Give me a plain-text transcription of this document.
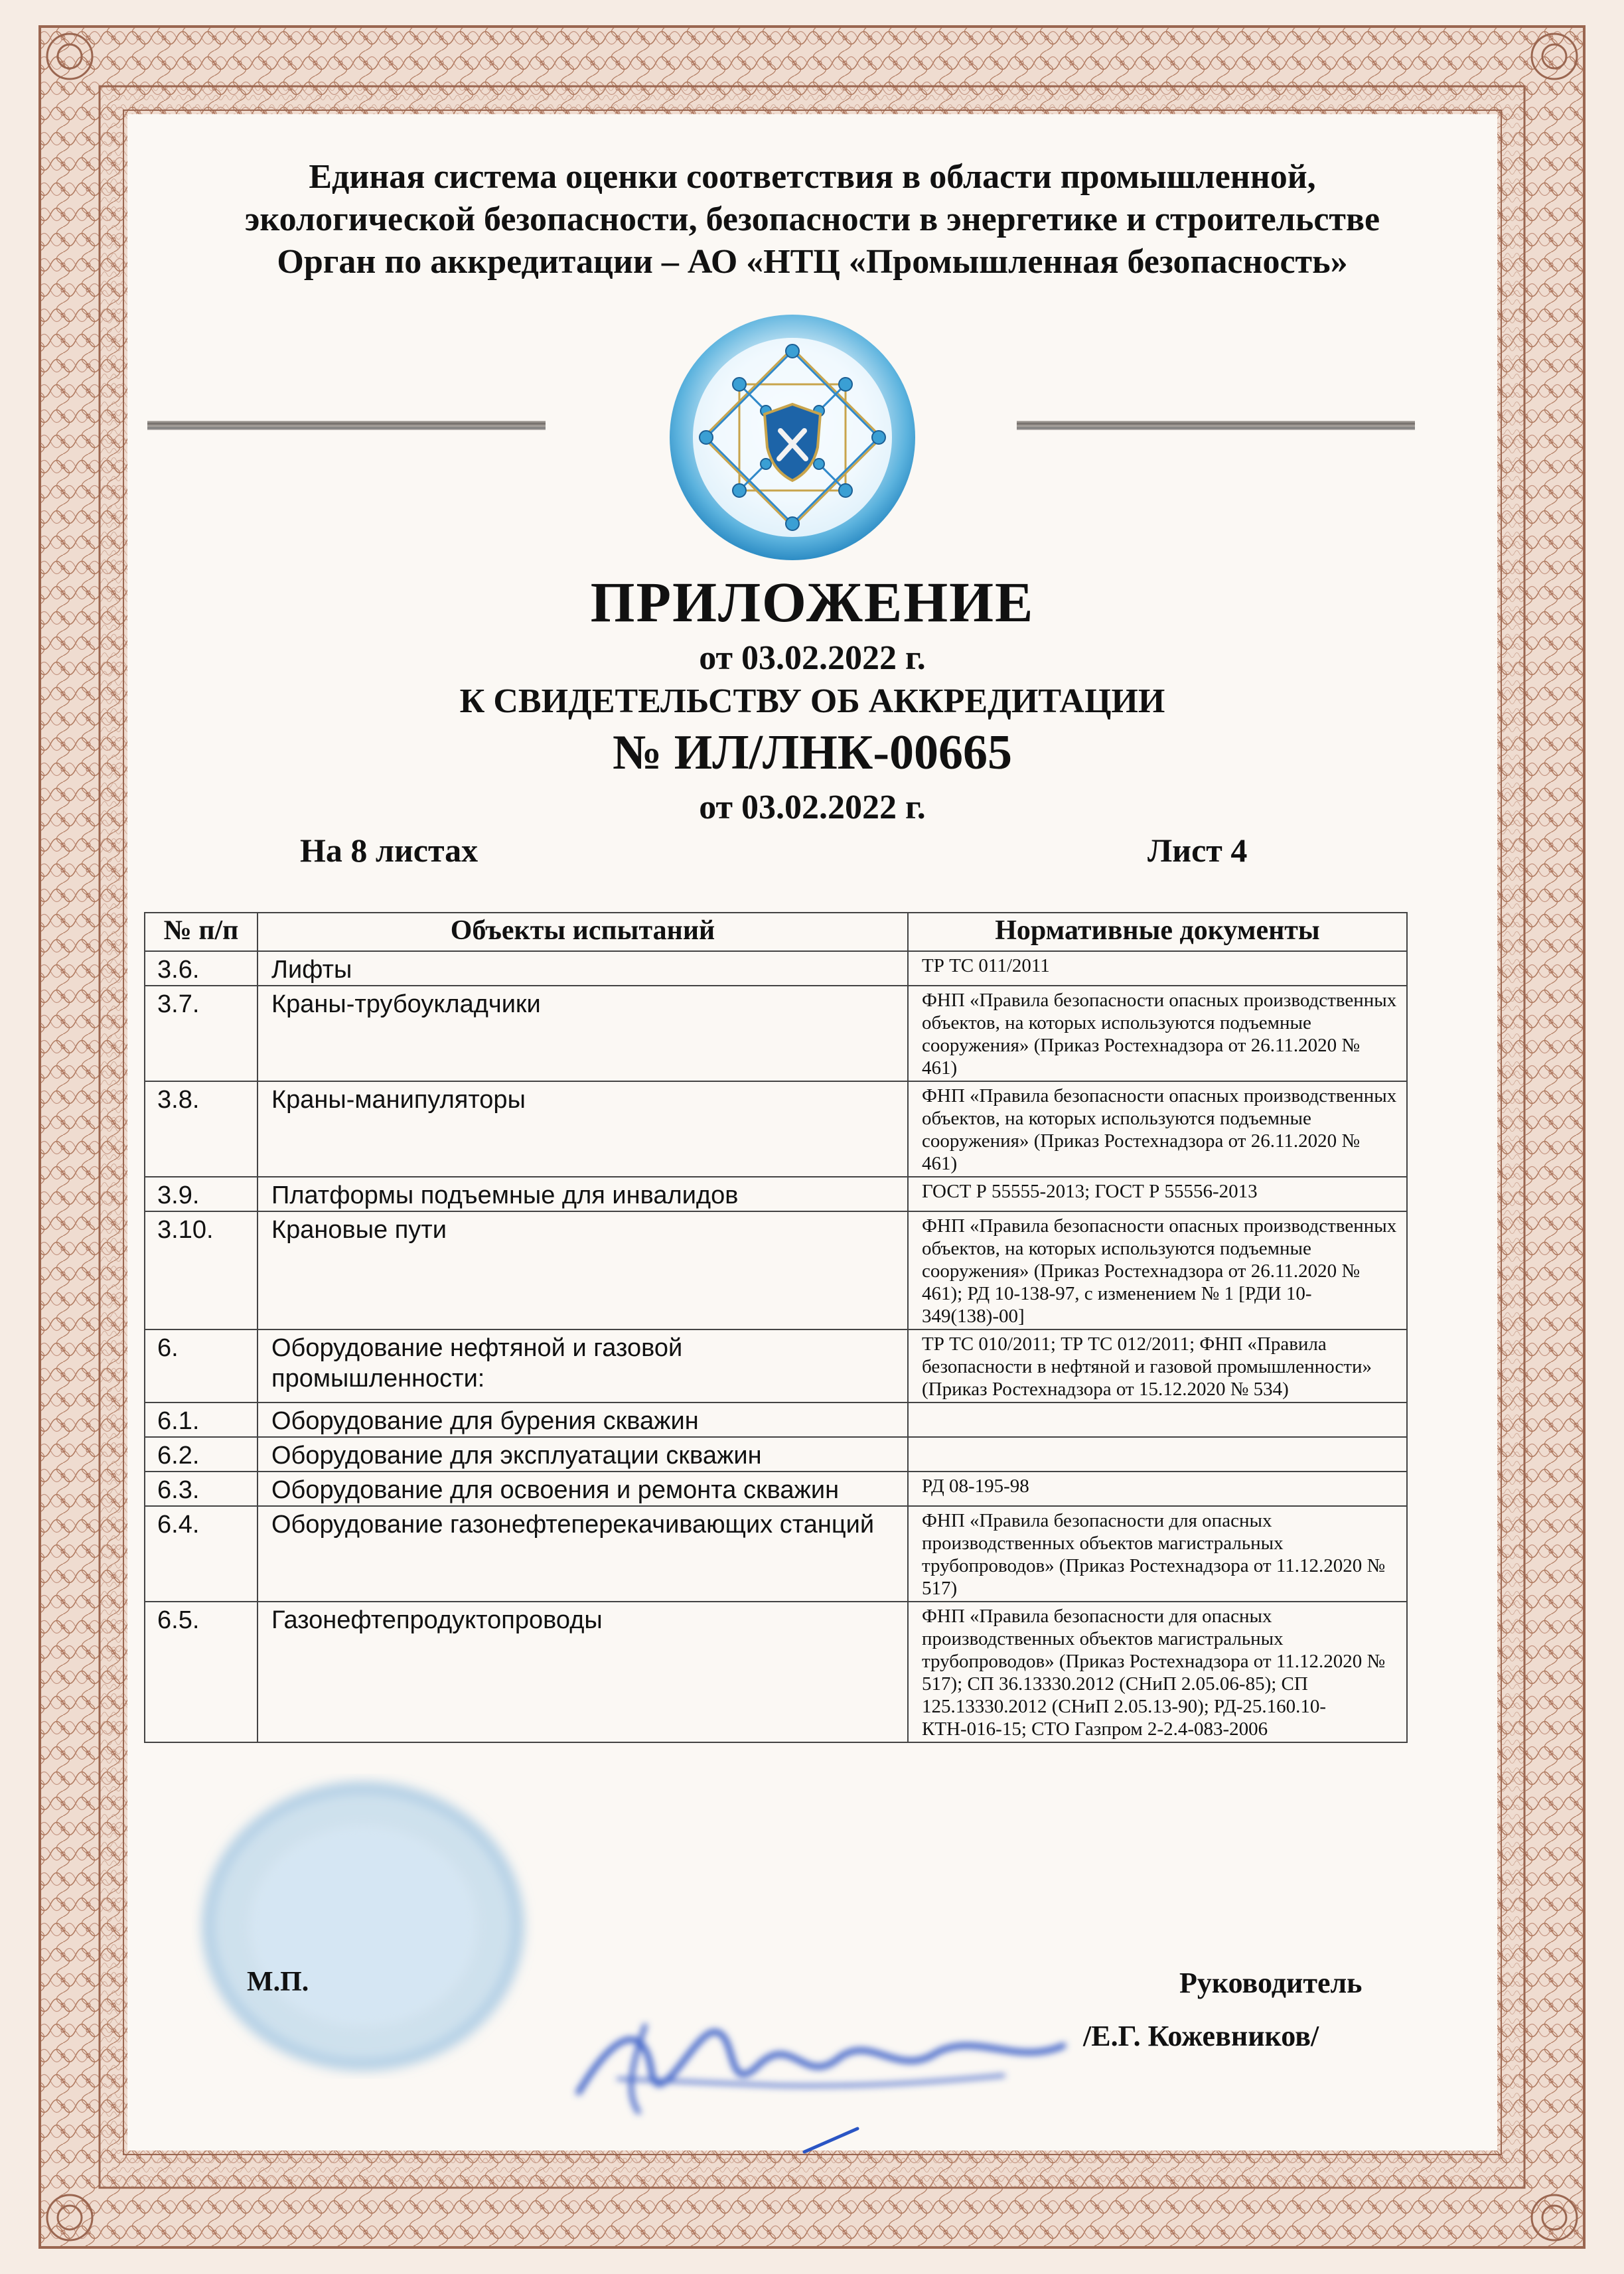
Единая система оценки соответствия в области промышленной,
экологической безопасности, безопасности в энергетике и строительстве
Орган по аккредитации – АО «НТЦ «Промышленная безопасность»
ПРИЛОЖЕНИЕ
от 03.02.2022 г.
К СВИДЕТЕЛЬСТВУ ОБ АККРЕДИТАЦИИ
№ ИЛ/ЛНК-00665
от 03.02.2022 г.
На 8 листах	Лист 4
№ п/п	Объекты испытаний	Нормативные документы
3.6.	Лифты	ТР ТС 011/2011
3.7.	Краны-трубоукладчики	ФНП «Правила безопасности опасных производственных объектов, на которых используются подъемные сооружения» (Приказ Ростехнадзора от 26.11.2020 № 461)
3.8.	Краны-манипуляторы	ФНП «Правила безопасности опасных производственных объектов, на которых используются подъемные сооружения» (Приказ Ростехнадзора от 26.11.2020 № 461)
3.9.	Платформы подъемные для инвалидов	ГОСТ Р 55555-2013; ГОСТ Р 55556-2013
3.10.	Крановые пути	ФНП «Правила безопасности опасных производственных объектов, на которых используются подъемные сооружения» (Приказ Ростехнадзора от 26.11.2020 № 461); РД 10-138-97, с изменением № 1 [РДИ 10-349(138)-00]
6.	Оборудование нефтяной и газовой промышленности:	ТР ТС 010/2011; ТР ТС 012/2011; ФНП «Правила безопасности в нефтяной и газовой промышленности» (Приказ Ростехнадзора от 15.12.2020 № 534)
6.1.	Оборудование для бурения скважин	
6.2.	Оборудование для эксплуатации скважин	
6.3.	Оборудование для освоения и ремонта скважин	РД 08-195-98
6.4.	Оборудование газонефтеперекачивающих станций	ФНП «Правила безопасности для опасных производственных объектов магистральных трубопроводов» (Приказ Ростехнадзора от 11.12.2020 № 517)
6.5.	Газонефтепродуктопроводы	ФНП «Правила безопасности для опасных производственных объектов магистральных трубопроводов» (Приказ Ростехнадзора от 11.12.2020 № 517); СП 36.13330.2012 (СНиП 2.05.06-85); СП 125.13330.2012 (СНиП 2.05.13-90); РД-25.160.10-КТН-016-15; СТО Газпром 2-2.4-083-2006
М.П.	Руководитель
/Е.Г. Кожевников/
